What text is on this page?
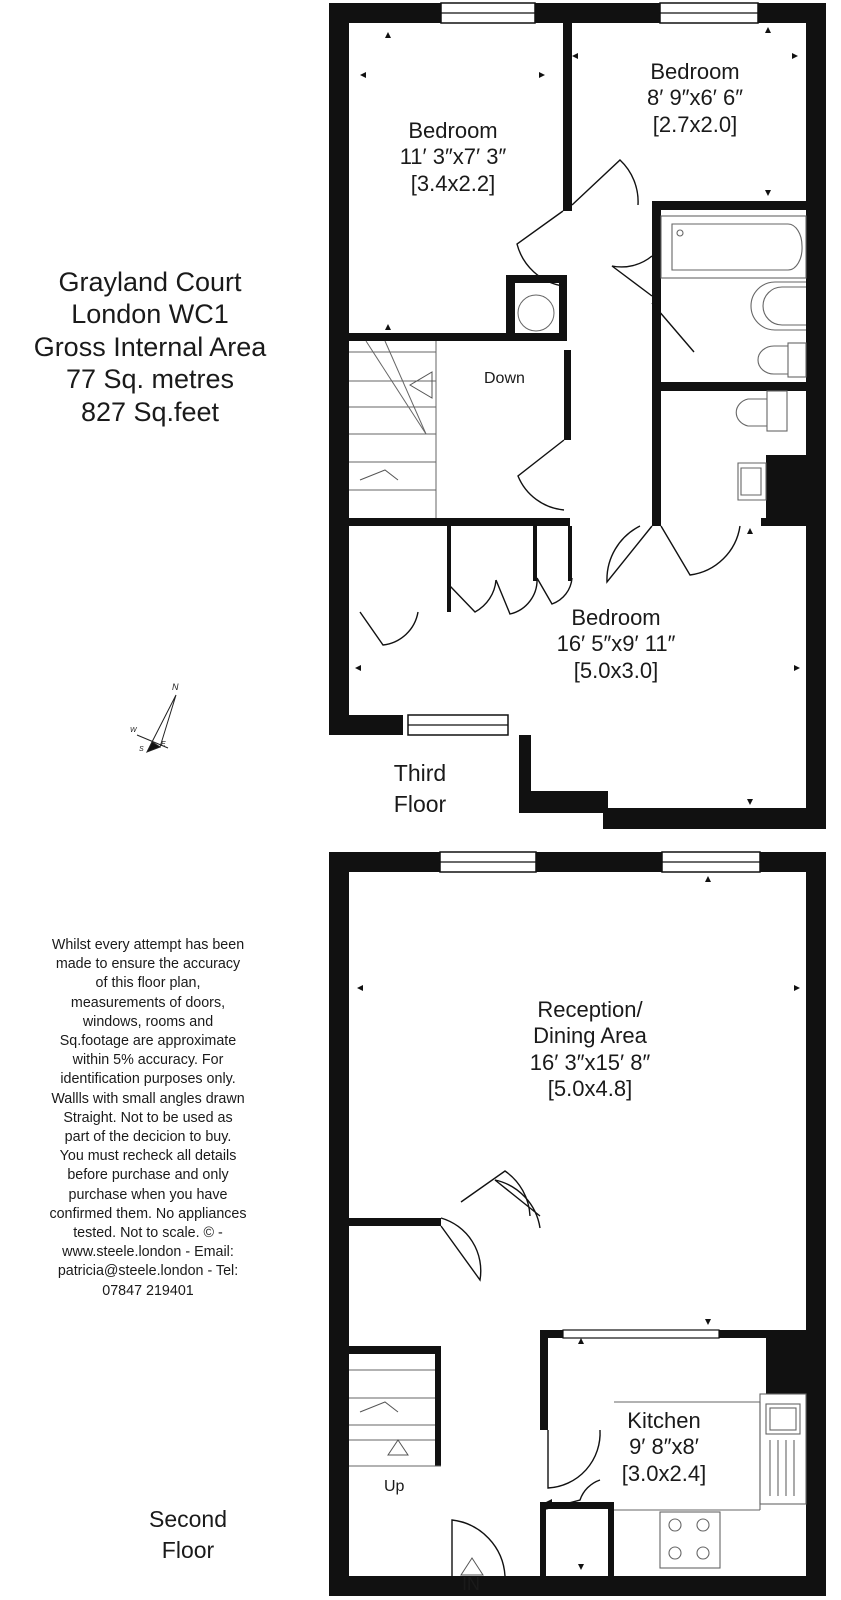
Grayland Court
London WC1
Gross Internal Area
77 Sq. metres
827 Sq.feet
N
W
E
S
Bedroom
11′ 3″x7′ 3″
[3.4x2.2]
Bedroom
8′ 9″x6′ 6″
[2.7x2.0]
Bedroom
16′ 5″x9′ 11″
[5.0x3.0]
Down
Third
Floor
Whilst every attempt has been
made to ensure the accuracy
of this floor plan,
measurements of doors,
windows, rooms and
Sq.footage are approximate
within 5% accuracy. For
identification purposes only.
Wallls with small angles drawn
Straight. Not to be used as
part of the decicion to buy.
You must recheck all details
before purchase and only
purchase when you have
confirmed them. No appliances
tested. Not to scale. © -
www.steele.london - Email:
patricia@steele.london - Tel:
07847 219401
Reception/
Dining Area
16′ 3″x15′ 8″
[5.0x4.8]
Kitchen
9′ 8″x8′
[3.0x2.4]
Up
IN
Second
Floor
